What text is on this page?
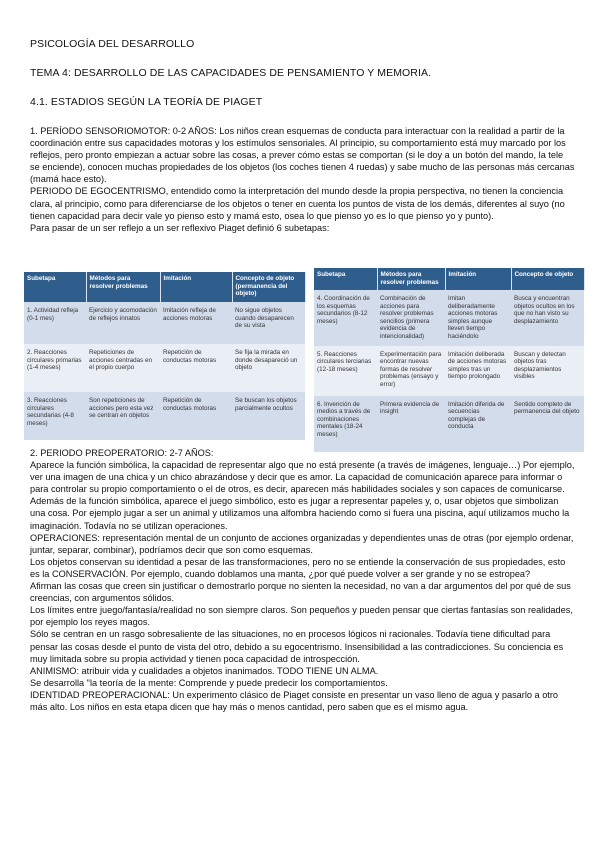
PSICOLOGÍA DEL DESARROLLO
TEMA 4: DESARROLLO DE LAS CAPACIDADES DE PENSAMIENTO Y MEMORIA.
4.1. ESTADIOS SEGÚN LA TEORÍA DE PIAGET

1. PERÍODO SENSORIOMOTOR: 0-2 AÑOS: Los niños crean esquemas de conducta para interactuar con la realidad a partir de la coordinación entre sus capacidades motoras y los estímulos sensoriales. Al principio, su comportamiento está muy marcado por los reflejos, pero pronto empiezan a actuar sobre las cosas, a prever cómo estas se comportan (si le doy a un botón del mando, la tele se enciende), conocen muchas propiedades de los objetos (los coches tienen 4 ruedas) y sabe mucho de las personas más cercanas (mamá hace esto).

PERIODO DE EGOCENTRISMO, entendido como la interpretación del mundo desde la propia perspectiva, no tienen la conciencia clara, al principio, como para diferenciarse de los objetos o tener en cuenta los puntos de vista de los demás, diferentes al suyo (no tienen capacidad para decir vale yo pienso esto y mamá esto, osea lo que pienso yo es lo que pienso yo y punto).

Para pasar de un ser reflejo a un ser reflexivo Piaget definió 6 subetapas:

Subetapa	Métodos para resolver problemas	Imitación	Concepto de objeto (permanencia del objeto)
1. Actividad refleja (0-1 mes)	Ejercicio y acomodación de reflejos innatos	Imitación refleja de acciones motoras	No sigue objetos cuando desaparecen de su vista
2. Reacciones circulares primarias (1-4 meses)	Repeticiones de acciones centradas en el propio cuerpo	Repetición de conductas motoras	Se fija la mirada en donde desapareció un objeto
3. Reacciones circulares secundarias (4-8 meses)	Son repeticiones de acciones pero esta vez se centran en objetos	Repetición de conductas motoras	Se buscan los objetos parcialmente ocultos
Subetapa	Métodos para resolver problemas	Imitación	Concepto de objeto
4. Coordinación de los esquemas secundarios (8-12 meses)	Combinación de acciones para resolver problemas sencillos (primera evidencia de intencionalidad)	Imitan deliberadamente acciones motoras simples aunque lleven tiempo haciéndolo	Busca y encuentran objetos ocultos en los que no han visto su desplazamiento
5. Reacciones circulares terciarias (12-18 meses)	Experimentación para encontrar nuevas formas de resolver problemas (ensayo y error)	Imitación deliberada de acciones motoras simples tras un tiempo prolongado	Buscan y detectan objetos tras desplazamientos visibles
6. Invención de medios a través de combinaciones mentales (18-24 meses)	Primera evidencia de insight	Imitación diferida de secuencias complejas de conducta	Sentido completo de permanencia del objeto

2. PERIODO PREOPERATORIO: 2-7 AÑOS:

Aparece la función simbólica, la capacidad de representar algo que no está presente (a través de imágenes, lenguaje…) Por ejemplo, ver una imagen de una chica y un chico abrazándose y decir que es amor. La capacidad de comunicación aparece para informar o para controlar su propio comportamiento o el de otros, es decir, aparecen más habilidades sociales y son capaces de comunicarse.

Además de la función simbólica, aparece el juego simbólico, esto es jugar a representar papeles y, o, usar objetos que simbolizan una cosa. Por ejemplo jugar a ser un animal y utilizamos una alfombra haciendo como si fuera una piscina, aquí utilizamos mucho la imaginación. Todavía no se utilizan operaciones.

OPERACIONES: representación mental de un conjunto de acciones organizadas y dependientes unas de otras (por ejemplo ordenar, juntar, separar, combinar), podríamos decir que son como esquemas.

Los objetos conservan su identidad a pesar de las transformaciones, pero no se entiende la conservación de sus propiedades, esto es la CONSERVACIÓN. Por ejemplo, cuando doblamos una manta, ¿por qué puede volver a ser grande y no se estropea?

Afirman las cosas que creen sin justificar o demostrarlo porque no sienten la necesidad, no van a dar argumentos del por qué de sus creencias, con argumentos sólidos.

Los límites entre juego/fantasía/realidad no son siempre claros. Son pequeños y pueden pensar que ciertas fantasías son realidades, por ejemplo los reyes magos.

Sólo se centran en un rasgo sobresaliente de las situaciones, no en procesos lógicos ni racionales. Todavía tiene dificultad para pensar las cosas desde el punto de vista del otro, debido a su egocentrismo. Insensibilidad a las contradicciones. Su conciencia es muy limitada sobre su propia actividad y tienen poca capacidad de introspección.

ANIMISMO: atribuir vida y cualidades a objetos inanimados. TODO TIENE UN ALMA.

Se desarrolla "la teoría de la mente: Comprende y puede predecir los comportamientos.

IDENTIDAD PREOPERACIONAL: Un experimento clásico de Piaget consiste en presentar un vaso lleno de agua y pasarlo a otro más alto. Los niños en esta etapa dicen que hay más o menos cantidad, pero saben que es el mismo agua.
